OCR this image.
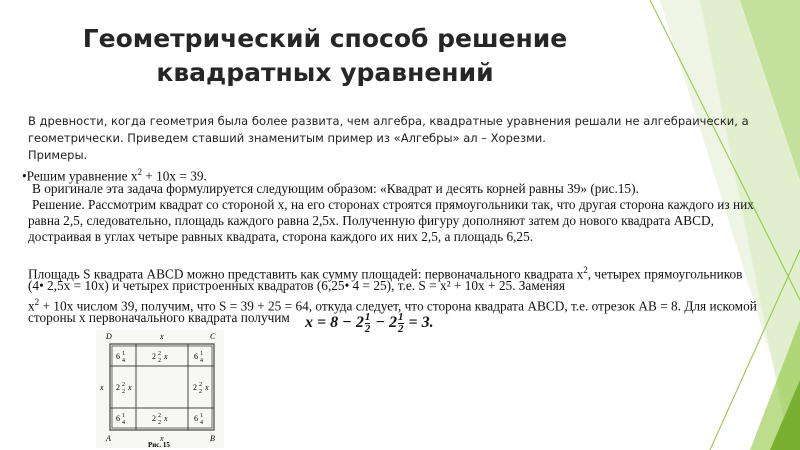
Геометрический способ решение
квадратных уравнений
В древности, когда геометрия была более развита, чем алгебра, квадратные уравнения решали не алгебраически, а
геометрически. Приведем ставший знаменитым пример из «Алгебры» ал – Хорезми.
Примеры.
•Решим уравнение $х^2 + 10х = 39$.
В оригинале эта задача формулируется следующим образом: «Квадрат и десять корней равны 39» (рис.15).
Решение. Рассмотрим квадрат со стороной х, на его сторонах строятся прямоугольники так, что другая сторона каждого из них
равна 2,5, следовательно, площадь каждого равна 2,5х. Полученную фигуру дополняют затем до нового квадрата АВСD,
достраивая в углах четыре равных квадрата, сторона каждого их них 2,5, а площадь 6,25.
Площадь S квадрата АВСD можно представить как сумму площадей: первоначального квадрата $х^2$, четырех прямоугольников
(4• 2,5х = 10х) и четырех пристроенных квадратов (6,25• 4 = 25), т.е. S = х² + 10х + 25. Заменяя
$х^2 + 10х$ числом 39, получим, что S = 39 + 25 = 64, откуда следует, что сторона квадрата АВСD, т.е. отрезок АВ = 8. Для искомой
стороны х первоначального квадрата получим $x = 8 - 2 \frac{1}{2} - 2 \frac{1}{2} = 3$.
D	C
A	B
x
x
x
6 1
4	6 1
4
6 1
4	6 1
4
2 2
2 x
2 2
2 x	2 2
2 x
2 2
2 x
Рис. 15
